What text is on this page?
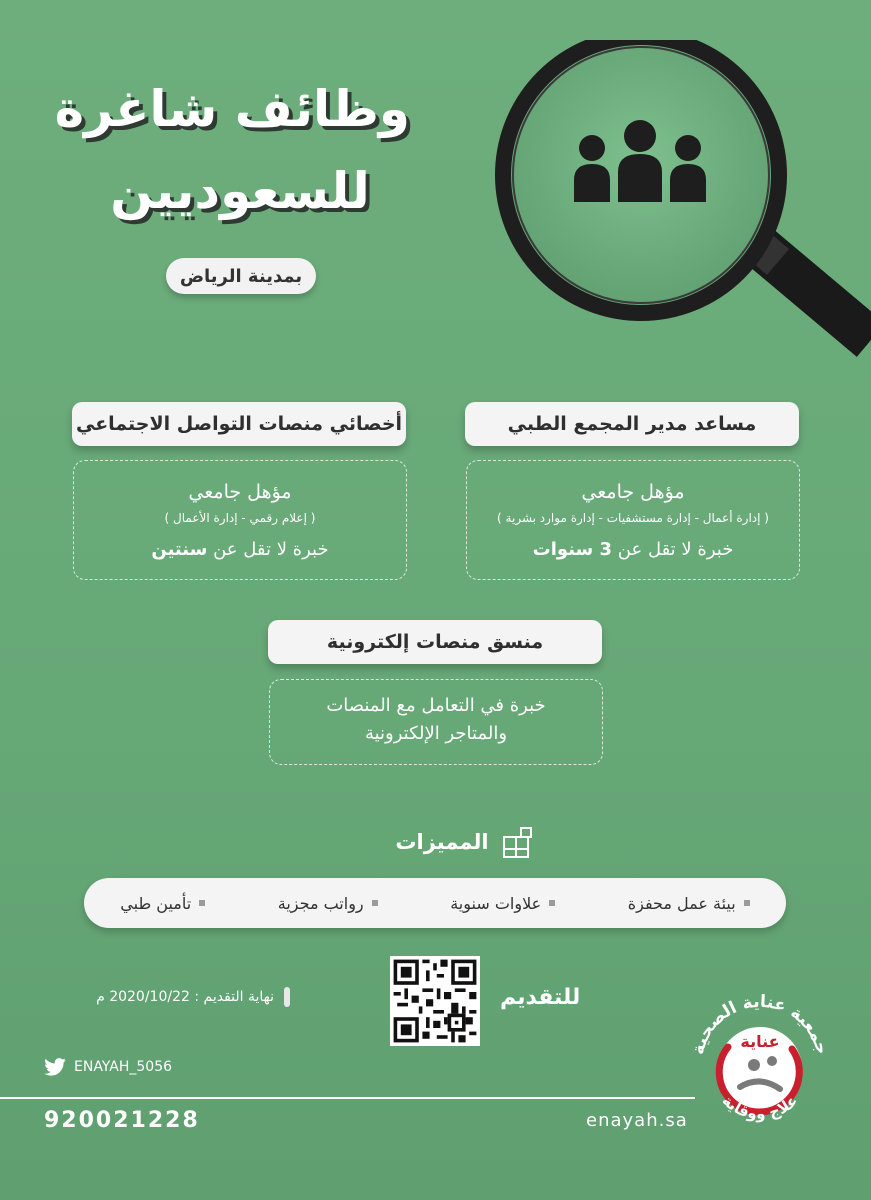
وظائف شاغرة
للسعوديين
بمدينة الرياض
مساعد مدير المجمع الطبي
مؤهل جامعي
( إدارة أعمال - إدارة مستشفيات - إدارة موارد بشرية )
خبرة لا تقل عن 3 سنوات
أخصائي منصات التواصل الاجتماعي
مؤهل جامعي
( إعلام رقمي - إدارة الأعمال )
خبرة لا تقل عن سنتين
منسق منصات إلكترونية
خبرة في التعامل مع المنصات
والمتاجر الإلكترونية
المميزات
بيئة عمل محفزة
علاوات سنوية
رواتب مجزية
تأمين طبي
نهاية التقديم : 2020/10/22 م	للتقديم
جمعية عناية الصحية
عناية
علاج ووقاية
ENAYAH_5056
920021228	enayah.sa
